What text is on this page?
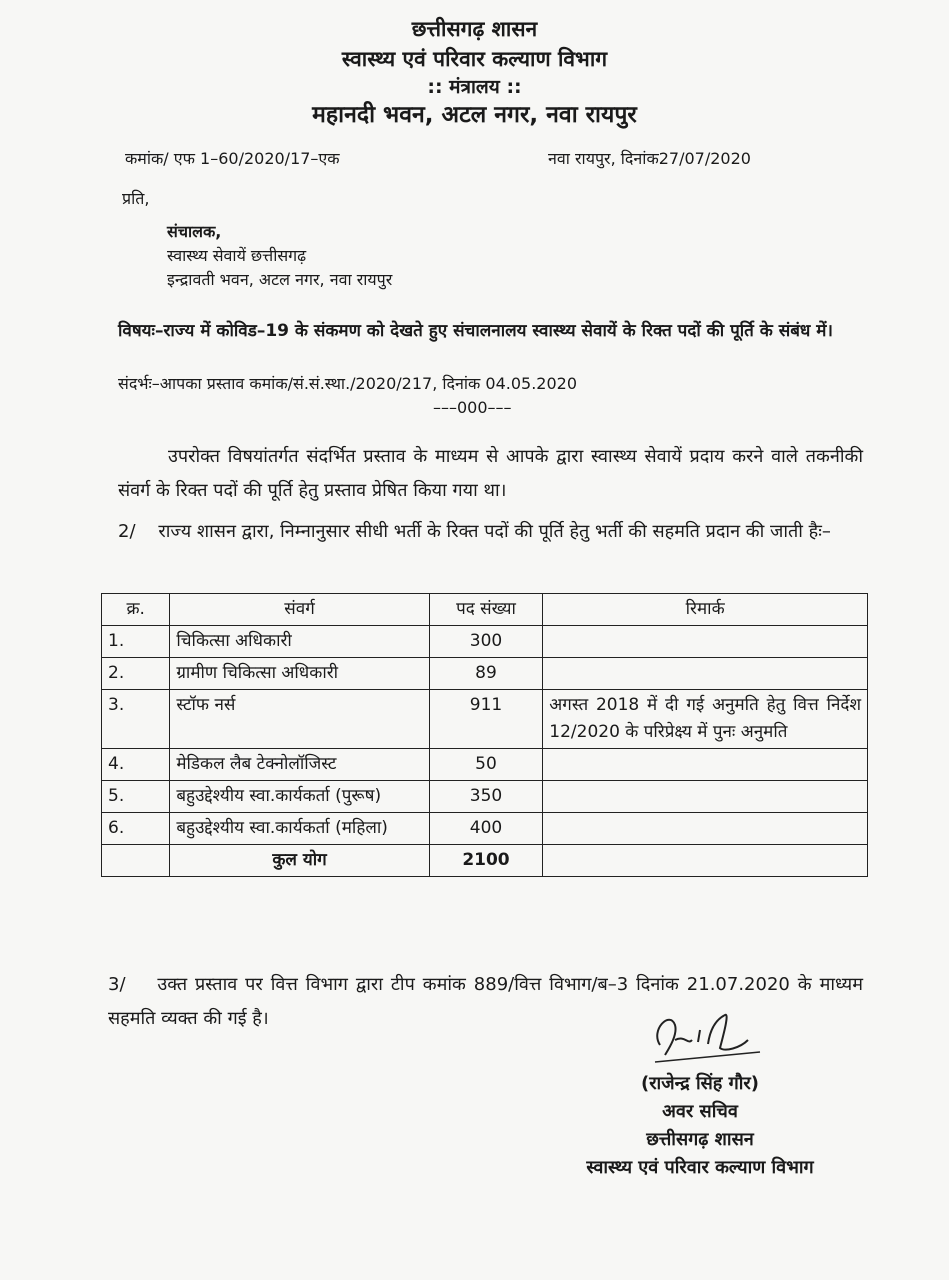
छत्तीसगढ़ शासन
स्वास्थ्य एवं परिवार कल्याण विभाग
:: मंत्रालय ::
महानदी भवन, अटल नगर, नवा रायपुर
कमांक/ एफ 1–60/2020/17–एक	नवा रायपुर, दिनांक27/07/2020
प्रति,
संचालक,
स्वास्थ्य सेवायें छत्तीसगढ़
इन्द्रावती भवन, अटल नगर, नवा रायपुर
विषयः–राज्य में कोविड–19 के संकमण को देखते हुए संचालनालय स्वास्थ्य सेवायें के रिक्त पदों की पूर्ति के संबंध में।
संदर्भः–आपका प्रस्ताव कमांक/सं.सं.स्था./2020/217, दिनांक 04.05.2020
–––000–––
उपरोक्त विषयांतर्गत संदर्भित प्रस्ताव के माध्यम से आपके द्वारा स्वास्थ्य सेवायें प्रदाय करने वाले तकनीकी संवर्ग के रिक्त पदों की पूर्ति हेतु प्रस्ताव प्रेषित किया गया था।
2/    राज्य शासन द्वारा, निम्नानुसार सीधी भर्ती के रिक्त पदों की पूर्ति हेतु भर्ती की सहमति प्रदान की जाती हैः–
क्र.	संवर्ग	पद संख्या	रिमार्क
1.	चिकित्सा अधिकारी	300	
2.	ग्रामीण चिकित्सा अधिकारी	89	
3.	स्टॉफ नर्स	911	अगस्त 2018 में दी गई अनुमति हेतु वित्त निर्देश 12/2020 के परिप्रेक्ष्य में पुनः अनुमति
4.	मेडिकल लैब टेक्नोलॉजिस्ट	50	
5.	बहुउद्देश्यीय स्वा.कार्यकर्ता (पुरूष)	350	
6.	बहुउद्देश्यीय स्वा.कार्यकर्ता (महिला)	400	
	कुल योग	2100	
3/    उक्त प्रस्ताव पर वित्त विभाग द्वारा टीप कमांक 889/वित्त विभाग/ब–3 दिनांक 21.07.2020 के माध्यम सहमति व्यक्त की गई है।
(राजेन्द्र सिंह गौर)
अवर सचिव
छत्तीसगढ़ शासन
स्वास्थ्य एवं परिवार कल्याण विभाग
